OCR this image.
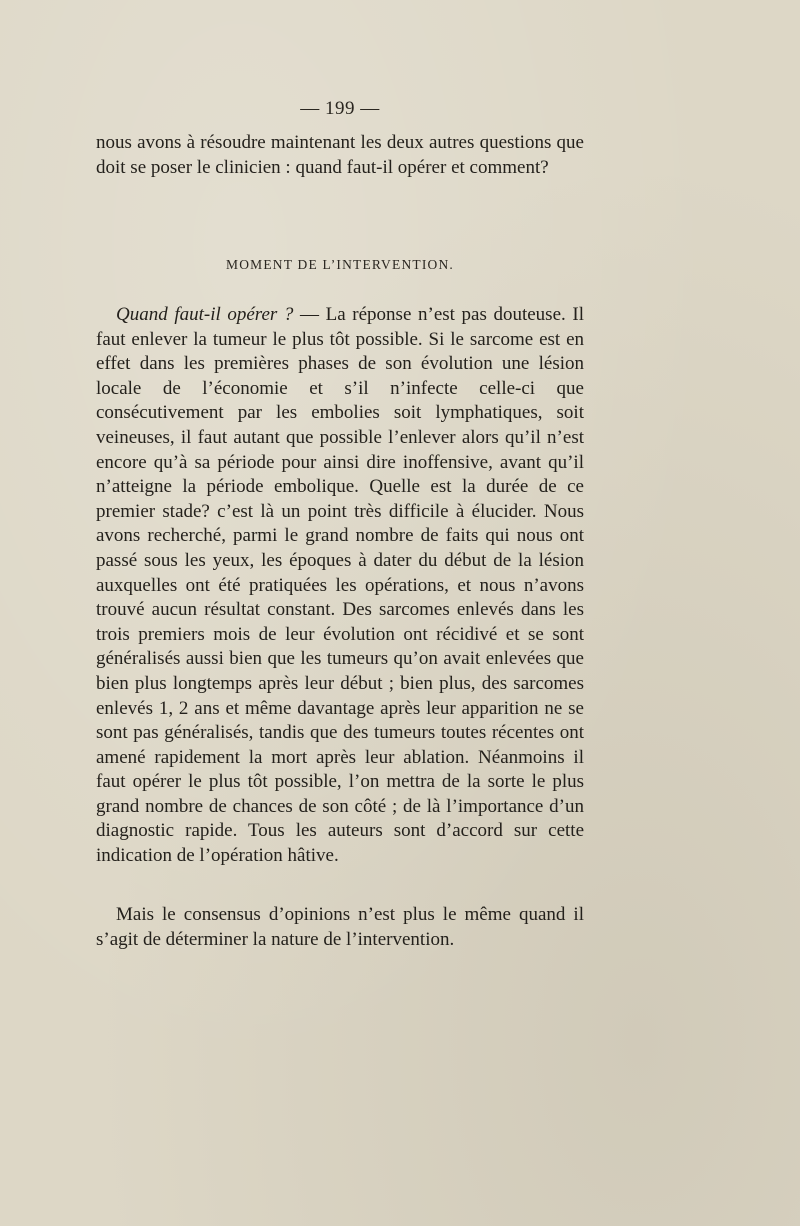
— 199 —
nous avons à résoudre maintenant les deux autres questions que doit se poser le clinicien : quand faut-il opérer et comment?
MOMENT DE L’INTERVENTION.
Quand faut-il opérer ? — La réponse n’est pas douteuse. Il faut enlever la tumeur le plus tôt possible. Si le sarcome est en effet dans les premières phases de son évolution une lésion locale de l’économie et s’il n’infecte celle-ci que consécutivement par les embolies soit lymphatiques, soit veineuses, il faut autant que possible l’enlever alors qu’il n’est encore qu’à sa période pour ainsi dire inoffensive, avant qu’il n’atteigne la période embolique. Quelle est la durée de ce premier stade? c’est là un point très difficile à élucider. Nous avons recherché, parmi le grand nombre de faits qui nous ont passé sous les yeux, les époques à dater du début de la lésion auxquelles ont été pratiquées les opérations, et nous n’avons trouvé aucun résultat constant. Des sarcomes enlevés dans les trois premiers mois de leur évolution ont récidivé et se sont généralisés aussi bien que les tumeurs qu’on avait enlevées que bien plus longtemps après leur début ; bien plus, des sarcomes enlevés 1, 2 ans et même davantage après leur apparition ne se sont pas généralisés, tandis que des tumeurs toutes récentes ont amené rapidement la mort après leur ablation. Néanmoins il faut opérer le plus tôt possible, l’on mettra de la sorte le plus grand nombre de chances de son côté ; de là l’importance d’un diagnostic rapide. Tous les auteurs sont d’accord sur cette indication de l’opération hâtive.
Mais le consensus d’opinions n’est plus le même quand il s’agit de déterminer la nature de l’intervention.
